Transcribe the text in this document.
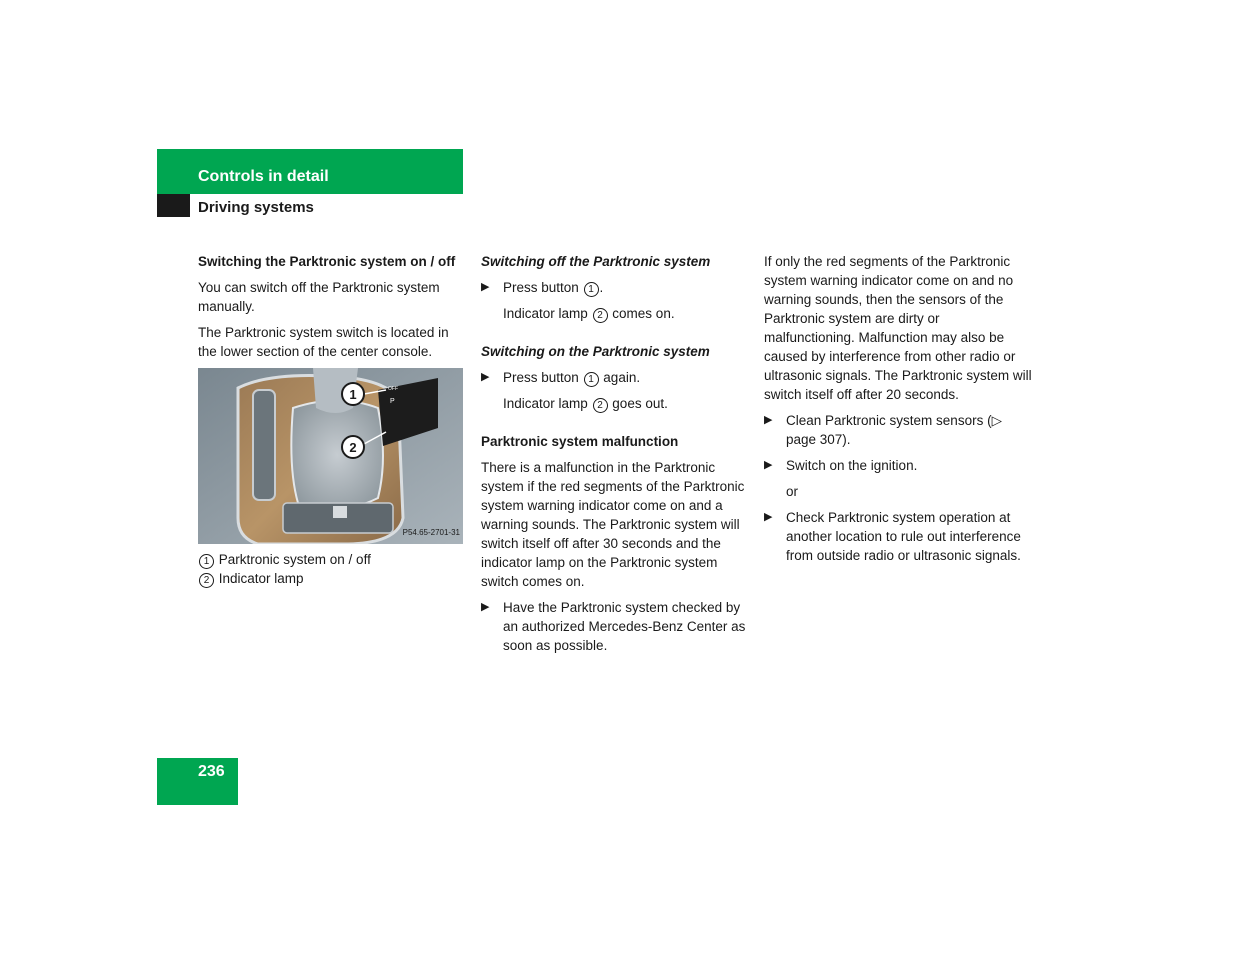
Controls in detail
Driving systems

Switching the Parktronic system on / off

You can switch off the Parktronic system manually.

The Parktronic system switch is located in the lower section of the center console.

OFF
P
1
2
P54.65-2701-31
1 Parktronic system on / off
2 Indicator lamp

Switching off the Parktronic system

▶ Press button 1 .

Indicator lamp 2 comes on.

Switching on the Parktronic system

▶ Press button 1 again.

Indicator lamp 2 goes out.

Parktronic system malfunction

There is a malfunction in the Parktronic system if the red segments of the Parktronic system warning indicator come on and a warning sounds. The Parktronic system will switch itself off after 30 seconds and the indicator lamp on the Parktronic system switch comes on.

▶ Have the Parktronic system checked by an authorized Mercedes-Benz Center as soon as possible.

If only the red segments of the Parktronic system warning indicator come on and no warning sounds, then the sensors of the Parktronic system are dirty or malfunctioning. Malfunction may also be caused by interference from other radio or ultrasonic signals. The Parktronic system will switch itself off after 20 seconds.

▶ Clean Parktronic system sensors (▷ page 307).
▶ Switch on the ignition.

or

▶ Check Parktronic system operation at another location to rule out interference from outside radio or ultrasonic signals.
236
